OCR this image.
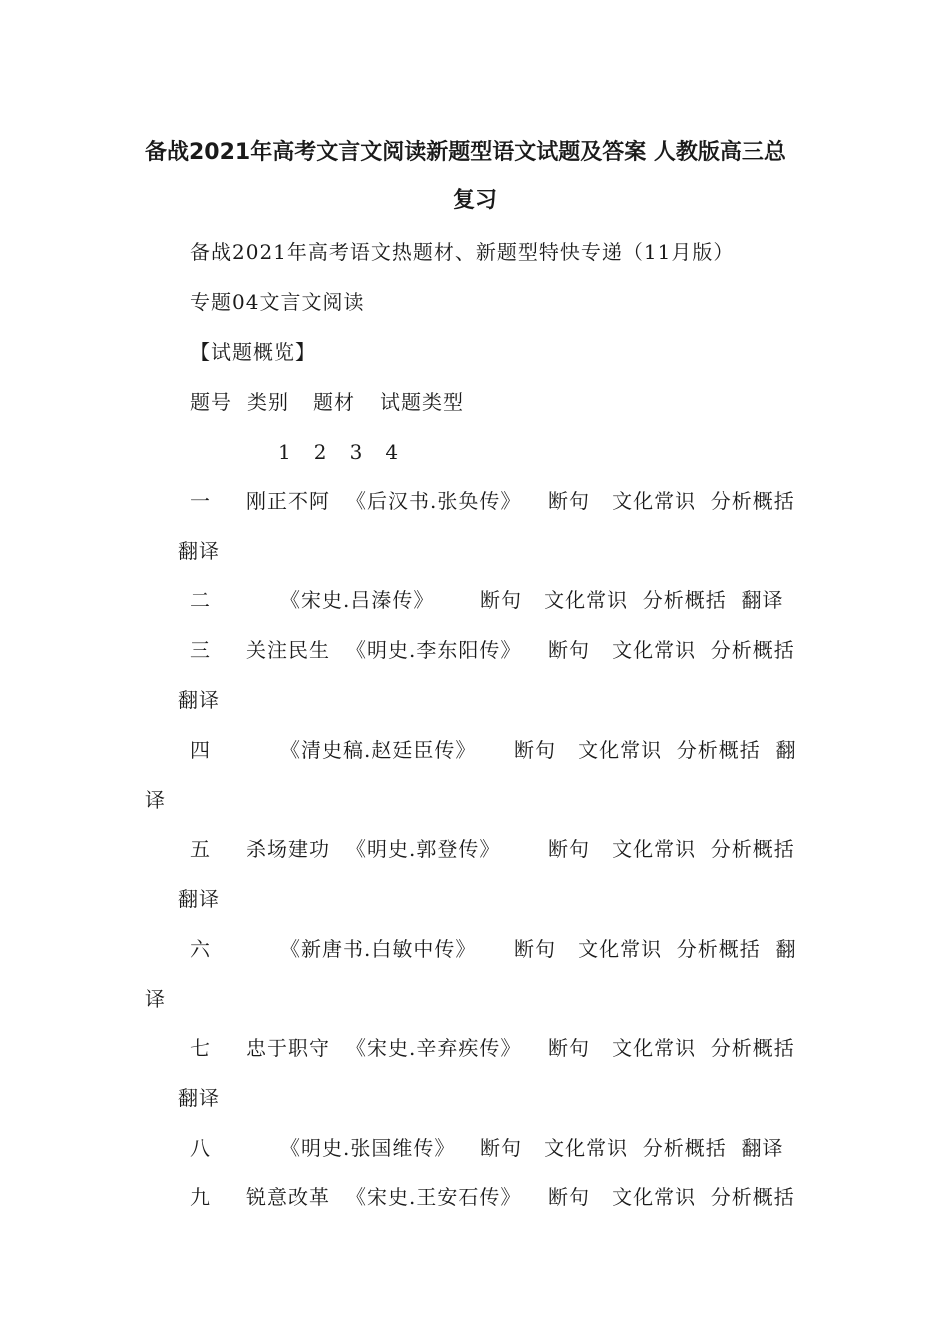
备战2021年高考文言文阅读新题型语文试题及答案 人教版高三总
复习
备战2021年高考语文热题材、新题型特快专递（11月版）
专题04文言文阅读
【试题概览】
题号 类别 题材 试题类型
1   2   3   4
一 刚正不阿 《后汉书.张奂传》 断句   文化常识  分析概括
翻译
二	《宋史.吕溱传》 断句   文化常识  分析概括  翻译
三 关注民生 《明史.李东阳传》 断句   文化常识  分析概括
翻译
四	《清史稿.赵廷臣传》 断句   文化常识  分析概括  翻
译
五 杀场建功 《明史.郭登传》 断句   文化常识  分析概括
翻译
六	《新唐书.白敏中传》 断句   文化常识  分析概括  翻
译
七 忠于职守 《宋史.辛弃疾传》 断句   文化常识  分析概括
翻译
八	《明史.张国维传》 断句   文化常识  分析概括  翻译
九 锐意改革 《宋史.王安石传》 断句   文化常识  分析概括
